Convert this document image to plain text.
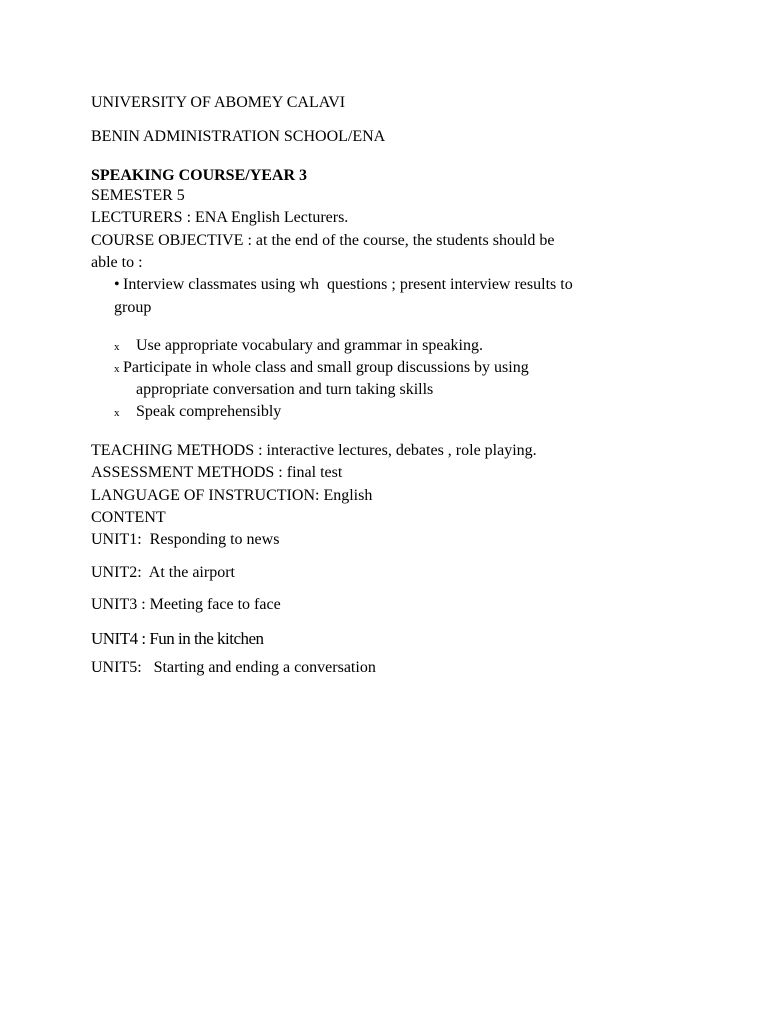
UNIVERSITY OF ABOMEY CALAVI
BENIN ADMINISTRATION SCHOOL/ENA
SPEAKING COURSE/YEAR 3
SEMESTER 5
LECTURERS : ENA English Lecturers.
COURSE OBJECTIVE : at the end of the course, the students should be
able to :
• Interview classmates using wh  questions ; present interview results to
group
x Use appropriate vocabulary and grammar in speaking.
x Participate in whole class and small group discussions by using
appropriate conversation and turn taking skills
x Speak comprehensibly
TEACHING METHODS : interactive lectures, debates , role playing.
ASSESSMENT METHODS : final test
LANGUAGE OF INSTRUCTION: English
CONTENT
UNIT1:  Responding to news
UNIT2:  At the airport
UNIT3 : Meeting face to face
UNIT4 : Fun in the kitchen
UNIT5:   Starting and ending a conversation
